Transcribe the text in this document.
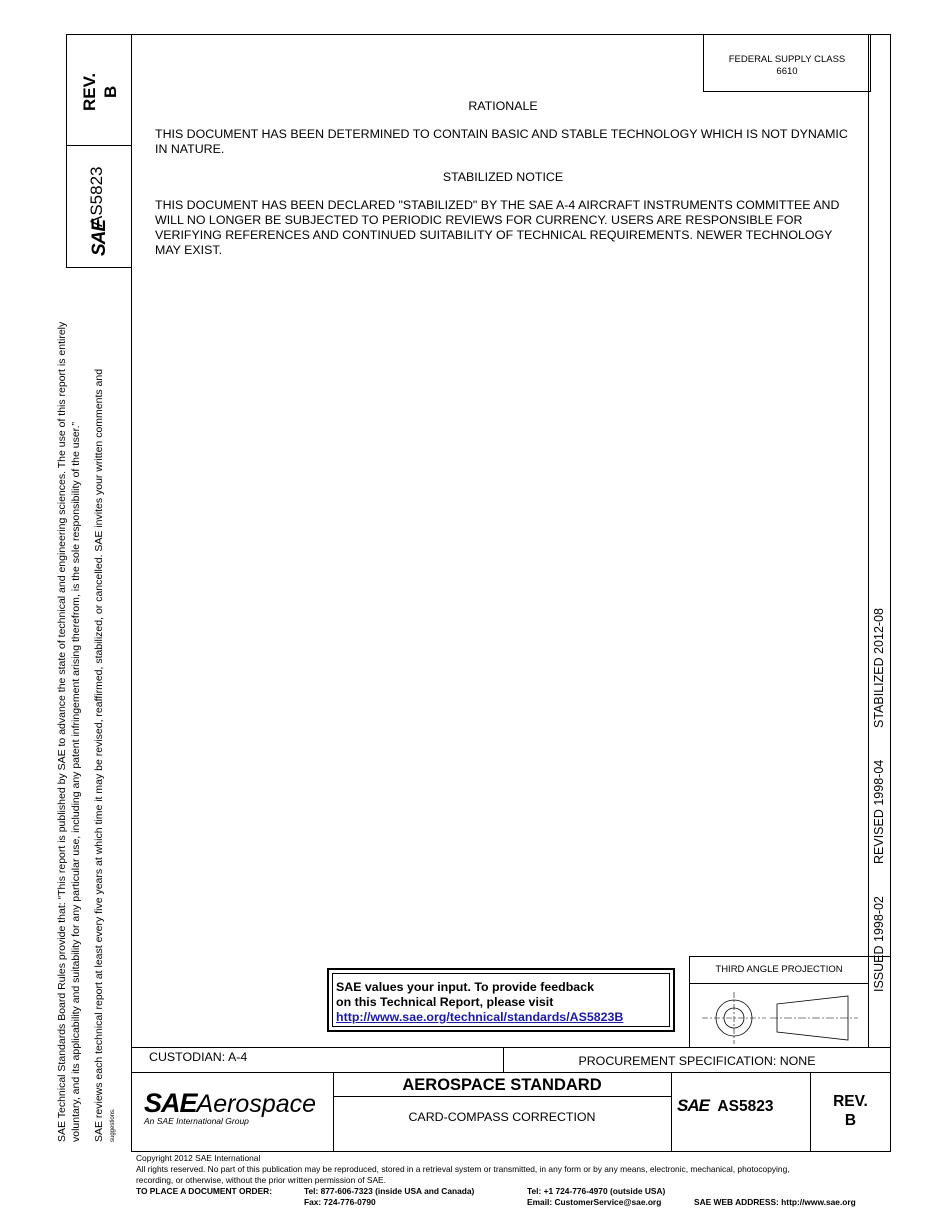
SAE Technical Standards Board Rules provide that: “This report is published by SAE to advance the state of technical and engineering sciences. The use of this report is entirely voluntary, and its applicability and suitability for any particular use, including any patent infringement arising therefrom, is the sole responsibility of the user.” SAE reviews each technical report at least every five years at which time it may be revised, reaffirmed, stabilized, or cancelled. SAE invites your written comments and suggestions.
REV. B
SAE
AS5823
FEDERAL SUPPLY CLASS
6610
ISSUED 1998-02
REVISED 1998-04
STABILIZED 2012-08
RATIONALE
THIS DOCUMENT HAS BEEN DETERMINED TO CONTAIN BASIC AND STABLE TECHNOLOGY WHICH IS NOT DYNAMIC IN NATURE.
STABILIZED NOTICE
THIS DOCUMENT HAS BEEN DECLARED "STABILIZED" BY THE SAE A-4 AIRCRAFT INSTRUMENTS COMMITTEE AND WILL NO LONGER BE SUBJECTED TO PERIODIC REVIEWS FOR CURRENCY. USERS ARE RESPONSIBLE FOR VERIFYING REFERENCES AND CONTINUED SUITABILITY OF TECHNICAL REQUIREMENTS. NEWER TECHNOLOGY MAY EXIST.
SAE values your input. To provide feedback
on this Technical Report, please visit
http://www.sae.org/technical/standards/AS5823B
THIRD ANGLE PROJECTION
CUSTODIAN: A-4	PROCUREMENT SPECIFICATION: NONE
SAEAerospace
An SAE International Group
AEROSPACE STANDARD
CARD-COMPASS CORRECTION
SAE AS5823	REV.
B
Copyright 2012 SAE International
All rights reserved. No part of this publication may be reproduced, stored in a retrieval system or transmitted, in any form or by any means, electronic, mechanical, photocopying,
recording, or otherwise, without the prior written permission of SAE.
TO PLACE A DOCUMENT ORDER:	Tel: 877-606-7323 (inside USA and Canada)
Fax: 724-776-0790
Tel: +1 724-776-4970 (outside USA)
Email: CustomerService@sae.org	SAE WEB ADDRESS: http://www.sae.org
